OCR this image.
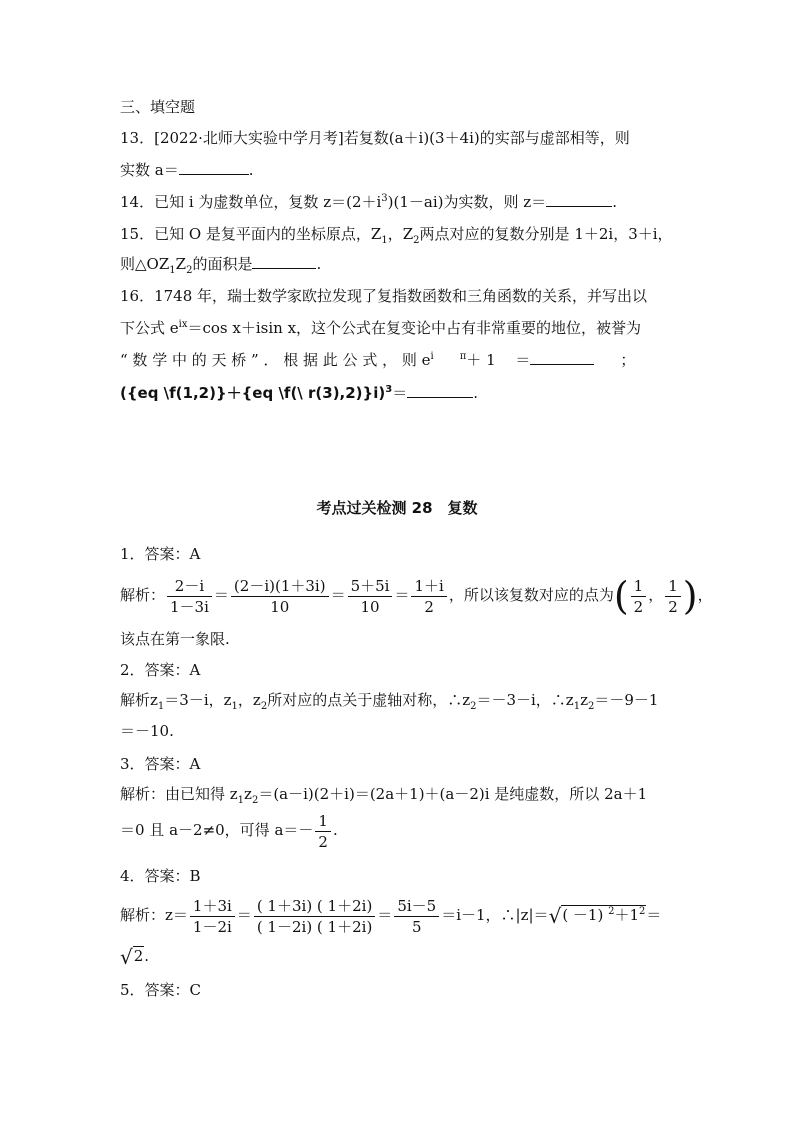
三、填空题
13．[2022·北师大实验中学月考]若复数(a＋i)(3＋4i)的实部与虚部相等，则
实数 a＝	.
14．已知 i 为虚数单位，复数 $z=(2+i^3)(1-ai)$为实数，则 z＝	.
15．已知 O 是复平面内的坐标原点，$Z_1$，$Z_2$两点对应的复数分别是 1＋2i，3＋i，
则$\triangle OZ_1Z_2$的面积是	.
16．1748 年，瑞士数学家欧拉发现了复指数函数和三角函数的关系，并写出以
下公式 $e^{ix}=\cos$ x＋isin x，这个公式在复变论中占有非常重要的地位，被誉为
“ 数 学 中 的 天 桥 ” ． 根 据 此 公 式 ， 则 $e^i$	$^\pi$＋ 1　 ＝	；
({eq \f(1,2)}＋{eq \f(\ r(3),2)}i)$^3$＝	.
考点过关检测 28　复数
1．答案：A
解析： $\frac{2-i}{1-3i} = \frac{(2-i)(1+3i)}{10} = \frac{5+5i}{10} = \frac{1+i}{2}$ ，所以该复数对应的点为( $\frac{1}{2}$ ， $\frac{1}{2}$ )，
该点在第一象限.
2．答案：A
解析$z_1=3-i$，$z_1$，$z_2$所对应的点关于虚轴对称，$\therefore z_2=-3-i$，$\therefore z_1z_2=-9-1$
＝－10.
3．答案：A
解析：由已知得 $z_1z_2=(a-i)(2+i)=(2a+1)+(a-2)i$ 是纯虚数，所以 2a＋1
＝0 且 a－2≠0，可得 $a=- \frac{1}{2}$ .
4．答案：B
解析：$z= \frac{1+3i}{1-2i} = \frac{( 1+3i) ( 1+2i)}{( 1-2i) ( 1+2i)} = \frac{5i-5}{5} =i-1$，∴|z|＝√( －1) $^2+1^2=$
√2.
5．答案：C
